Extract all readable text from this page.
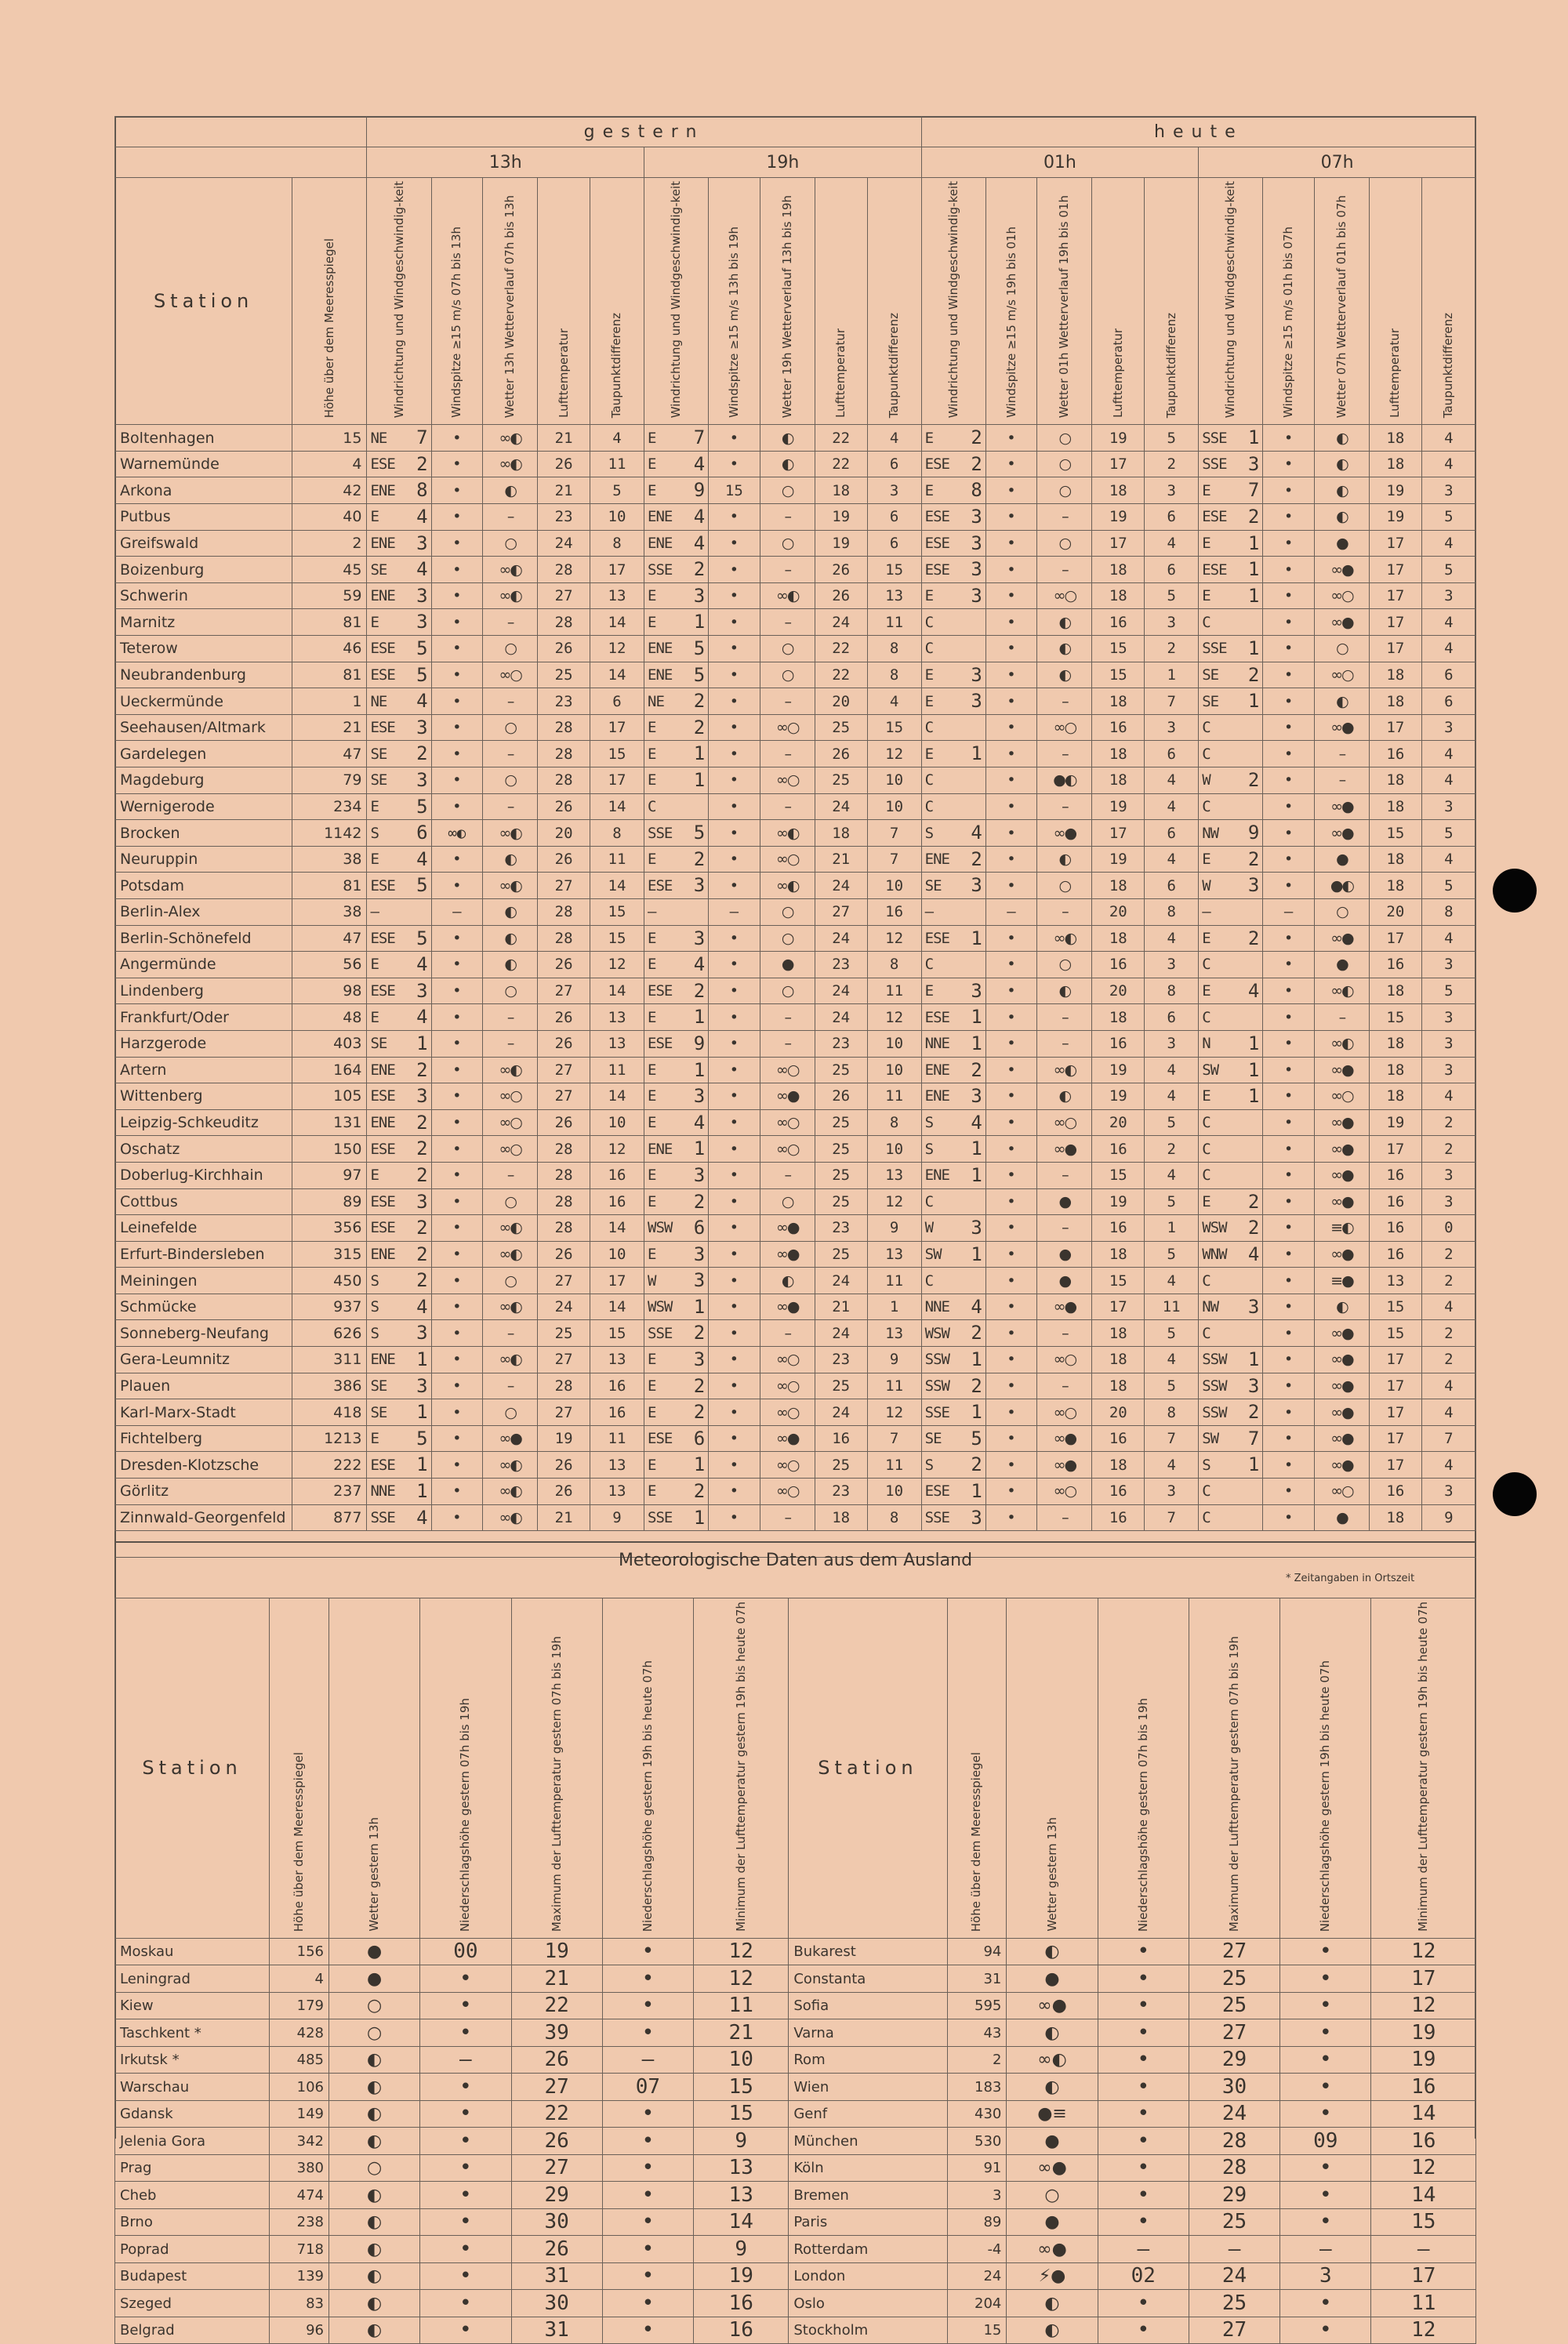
		gestern										heute									
		13h					19h					01h					07h				
Station	Höhe über dem Meeresspiegel	Windrichtung und Windgeschwindig-keit	Windspitze ≥15 m/s 07h bis 13h	Wetter 13h Wetterverlauf 07h bis 13h	Lufttemperatur	Taupunktdifferenz	Windrichtung und Windgeschwindig-keit	Windspitze ≥15 m/s 13h bis 19h	Wetter 19h Wetterverlauf 13h bis 19h	Lufttemperatur	Taupunktdifferenz	Windrichtung und Windgeschwindig-keit	Windspitze ≥15 m/s 19h bis 01h	Wetter 01h Wetterverlauf 19h bis 01h	Lufttemperatur	Taupunktdifferenz	Windrichtung und Windgeschwindig-keit	Windspitze ≥15 m/s 01h bis 07h	Wetter 07h Wetterverlauf 01h bis 07h	Lufttemperatur	Taupunktdifferenz
Boltenhagen	15	NE 7	•	∞◐	21	4	E 7	•	◐	22	4	E 2	•	○	19	5	SSE 1	•	◐	18	4
Warnemünde	4	ESE 2	•	∞◐	26	11	E 4	•	◐	22	6	ESE 2	•	○	17	2	SSE 3	•	◐	18	4
Arkona	42	ENE 8	•	◐	21	5	E 9	15	○	18	3	E 8	•	○	18	3	E 7	•	◐	19	3
Putbus	40	E 4	•	–	23	10	ENE 4	•	–	19	6	ESE 3	•	–	19	6	ESE 2	•	◐	19	5
Greifswald	2	ENE 3	•	○	24	8	ENE 4	•	○	19	6	ESE 3	•	○	17	4	E 1	•	●	17	4
Boizenburg	45	SE 4	•	∞◐	28	17	SSE 2	•	–	26	15	ESE 3	•	–	18	6	ESE 1	•	∞●	17	5
Schwerin	59	ENE 3	•	∞◐	27	13	E 3	•	∞◐	26	13	E 3	•	∞○	18	5	E 1	•	∞○	17	3
Marnitz	81	E 3	•	–	28	14	E 1	•	–	24	11	C	•	◐	16	3	C	•	∞●	17	4
Teterow	46	ESE 5	•	○	26	12	ENE 5	•	○	22	8	C	•	◐	15	2	SSE 1	•	○	17	4
Neubrandenburg	81	ESE 5	•	∞○	25	14	ENE 5	•	○	22	8	E 3	•	◐	15	1	SE 2	•	∞○	18	6
Ueckermünde	1	NE 4	•	–	23	6	NE 2	•	–	20	4	E 3	•	–	18	7	SE 1	•	◐	18	6
Seehausen/Altmark	21	ESE 3	•	○	28	17	E 2	•	∞○	25	15	C	•	∞○	16	3	C	•	∞●	17	3
Gardelegen	47	SE 2	•	–	28	15	E 1	•	–	26	12	E 1	•	–	18	6	C	•	–	16	4
Magdeburg	79	SE 3	•	○	28	17	E 1	•	∞○	25	10	C	•	●◐	18	4	W 2	•	–	18	4
Wernigerode	234	E 5	•	–	26	14	C	•	–	24	10	C	•	–	19	4	C	•	∞●	18	3
Brocken	1142	S 6	∞◐	∞◐	20	8	SSE 5	•	∞◐	18	7	S 4	•	∞●	17	6	NW 9	•	∞●	15	5
Neuruppin	38	E 4	•	◐	26	11	E 2	•	∞○	21	7	ENE 2	•	◐	19	4	E 2	•	●	18	4
Potsdam	81	ESE 5	•	∞◐	27	14	ESE 3	•	∞◐	24	10	SE 3	•	○	18	6	W 3	•	●◐	18	5
Berlin-Alex	38	–	–	◐	28	15	–	–	○	27	16	–	–	–	20	8	–	–	○	20	8
Berlin-Schönefeld	47	ESE 5	•	◐	28	15	E 3	•	○	24	12	ESE 1	•	∞◐	18	4	E 2	•	∞●	17	4
Angermünde	56	E 4	•	◐	26	12	E 4	•	●	23	8	C	•	○	16	3	C	•	●	16	3
Lindenberg	98	ESE 3	•	○	27	14	ESE 2	•	○	24	11	E 3	•	◐	20	8	E 4	•	∞◐	18	5
Frankfurt/Oder	48	E 4	•	–	26	13	E 1	•	–	24	12	ESE 1	•	–	18	6	C	•	–	15	3
Harzgerode	403	SE 1	•	–	26	13	ESE 9	•	–	23	10	NNE 1	•	–	16	3	N 1	•	∞◐	18	3
Artern	164	ENE 2	•	∞◐	27	11	E 1	•	∞○	25	10	ENE 2	•	∞◐	19	4	SW 1	•	∞●	18	3
Wittenberg	105	ESE 3	•	∞○	27	14	E 3	•	∞●	26	11	ENE 3	•	◐	19	4	E 1	•	∞○	18	4
Leipzig-Schkeuditz	131	ENE 2	•	∞○	26	10	E 4	•	∞○	25	8	S 4	•	∞○	20	5	C	•	∞●	19	2
Oschatz	150	ESE 2	•	∞○	28	12	ENE 1	•	∞○	25	10	S 1	•	∞●	16	2	C	•	∞●	17	2
Doberlug-Kirchhain	97	E 2	•	–	28	16	E 3	•	–	25	13	ENE 1	•	–	15	4	C	•	∞●	16	3
Cottbus	89	ESE 3	•	○	28	16	E 2	•	○	25	12	C	•	●	19	5	E 2	•	∞●	16	3
Leinefelde	356	ESE 2	•	∞◐	28	14	WSW 6	•	∞●	23	9	W 3	•	–	16	1	WSW 2	•	≡◐	16	0
Erfurt-Bindersleben	315	ENE 2	•	∞◐	26	10	E 3	•	∞●	25	13	SW 1	•	●	18	5	WNW 4	•	∞●	16	2
Meiningen	450	S 2	•	○	27	17	W 3	•	◐	24	11	C	•	●	15	4	C	•	≡●	13	2
Schmücke	937	S 4	•	∞◐	24	14	WSW 1	•	∞●	21	1	NNE 4	•	∞●	17	11	NW 3	•	◐	15	4
Sonneberg-Neufang	626	S 3	•	–	25	15	SSE 2	•	–	24	13	WSW 2	•	–	18	5	C	•	∞●	15	2
Gera-Leumnitz	311	ENE 1	•	∞◐	27	13	E 3	•	∞○	23	9	SSW 1	•	∞○	18	4	SSW 1	•	∞●	17	2
Plauen	386	SE 3	•	–	28	16	E 2	•	∞○	25	11	SSW 2	•	–	18	5	SSW 3	•	∞●	17	4
Karl-Marx-Stadt	418	SE 1	•	○	27	16	E 2	•	∞○	24	12	SSE 1	•	∞○	20	8	SSW 2	•	∞●	17	4
Fichtelberg	1213	E 5	•	∞●	19	11	ESE 6	•	∞●	16	7	SE 5	•	∞●	16	7	SW 7	•	∞●	17	7
Dresden-Klotzsche	222	ESE 1	•	∞◐	26	13	E 1	•	∞○	25	11	S 2	•	∞●	18	4	S 1	•	∞●	17	4
Görlitz	237	NNE 1	•	∞◐	26	13	E 2	•	∞○	23	10	ESE 1	•	∞○	16	3	C	•	∞○	16	3
Zinnwald-Georgenfeld	877	SSE 4	•	∞◐	21	9	SSE 1	•	–	18	8	SSE 3	•	–	16	7	C	•	●	18	9

Meteorologische Daten aus dem Ausland
* Zeitangaben in Ortszeit
Station	Höhe über dem Meeresspiegel	Wetter gestern 13h	Niederschlagshöhe gestern 07h bis 19h	Maximum der Lufttemperatur gestern 07h bis 19h	Niederschlagshöhe gestern 19h bis heute 07h	Minimum der Lufttemperatur gestern 19h bis heute 07h	Station	Höhe über dem Meeresspiegel	Wetter gestern 13h	Niederschlagshöhe gestern 07h bis 19h	Maximum der Lufttemperatur gestern 07h bis 19h	Niederschlagshöhe gestern 19h bis heute 07h	Minimum der Lufttemperatur gestern 19h bis heute 07h
Moskau	156	●	00	19	•	12	Bukarest	94	◐	•	27	•	12
Leningrad	4	●	•	21	•	12	Constanta	31	●	•	25	•	17
Kiew	179	○	•	22	•	11	Sofia	595	∞●	•	25	•	12
Taschkent *	428	○	•	39	•	21	Varna	43	◐	•	27	•	19
Irkutsk *	485	◐	–	26	–	10	Rom	2	∞◐	•	29	•	19
Warschau	106	◐	•	27	07	15	Wien	183	◐	•	30	•	16
Gdansk	149	◐	•	22	•	15	Genf	430	●≡	•	24	•	14
Jelenia Gora	342	◐	•	26	•	9	München	530	●	•	28	09	16
Prag	380	○	•	27	•	13	Köln	91	∞●	•	28	•	12
Cheb	474	◐	•	29	•	13	Bremen	3	○	•	29	•	14
Brno	238	◐	•	30	•	14	Paris	89	●	•	25	•	15
Poprad	718	◐	•	26	•	9	Rotterdam	-4	∞●	–	–	–	–
Budapest	139	◐	•	31	•	19	London	24	⚡●	02	24	3	17
Szeged	83	◐	•	30	•	16	Oslo	204	◐	•	25	•	11
Belgrad	96	◐	•	31	•	16	Stockholm	15	◐	•	27	•	12
